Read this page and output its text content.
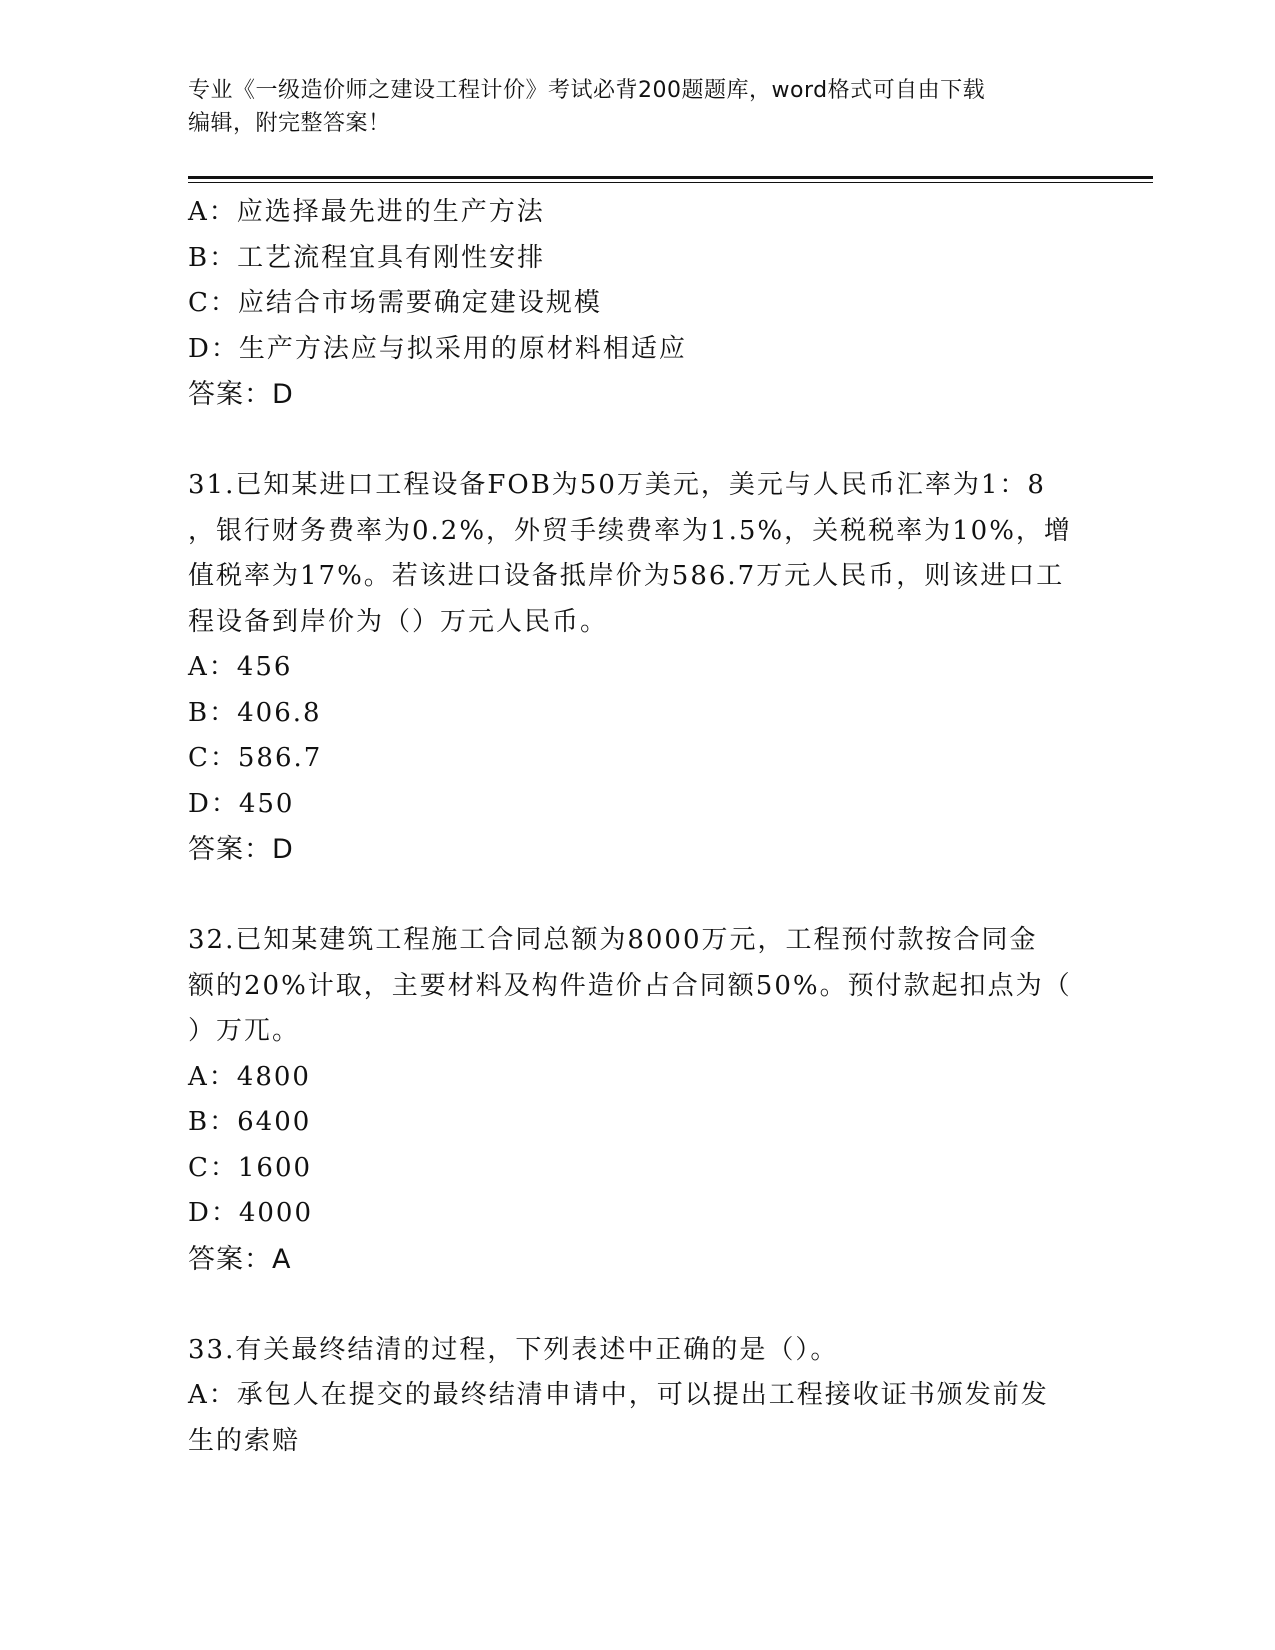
专业《一级造价师之建设工程计价》考试必背200题题库，word格式可自由下载
编辑，附完整答案！
A：应选择最先进的生产方法
B：工艺流程宜具有刚性安排
C：应结合市场需要确定建设规模
D：生产方法应与拟采用的原材料相适应
答案：D
31.已知某进口工程设备FOB为50万美元，美元与人民币汇率为1：8
，银行财务费率为0.2%，外贸手续费率为1.5%，关税税率为10%，增
值税率为17%。若该进口设备抵岸价为586.7万元人民币，则该进口工
程设备到岸价为（）万元人民币。
A：456
B：406.8
C：586.7
D：450
答案：D
32.已知某建筑工程施工合同总额为8000万元，工程预付款按合同金
额的20%计取，主要材料及构件造价占合同额50%。预付款起扣点为（
）万兀。
A：4800
B：6400
C：1600
D：4000
答案：A
33.有关最终结清的过程，下列表述中正确的是（）。
A：承包人在提交的最终结清申请中，可以提出工程接收证书颁发前发
生的索赔
